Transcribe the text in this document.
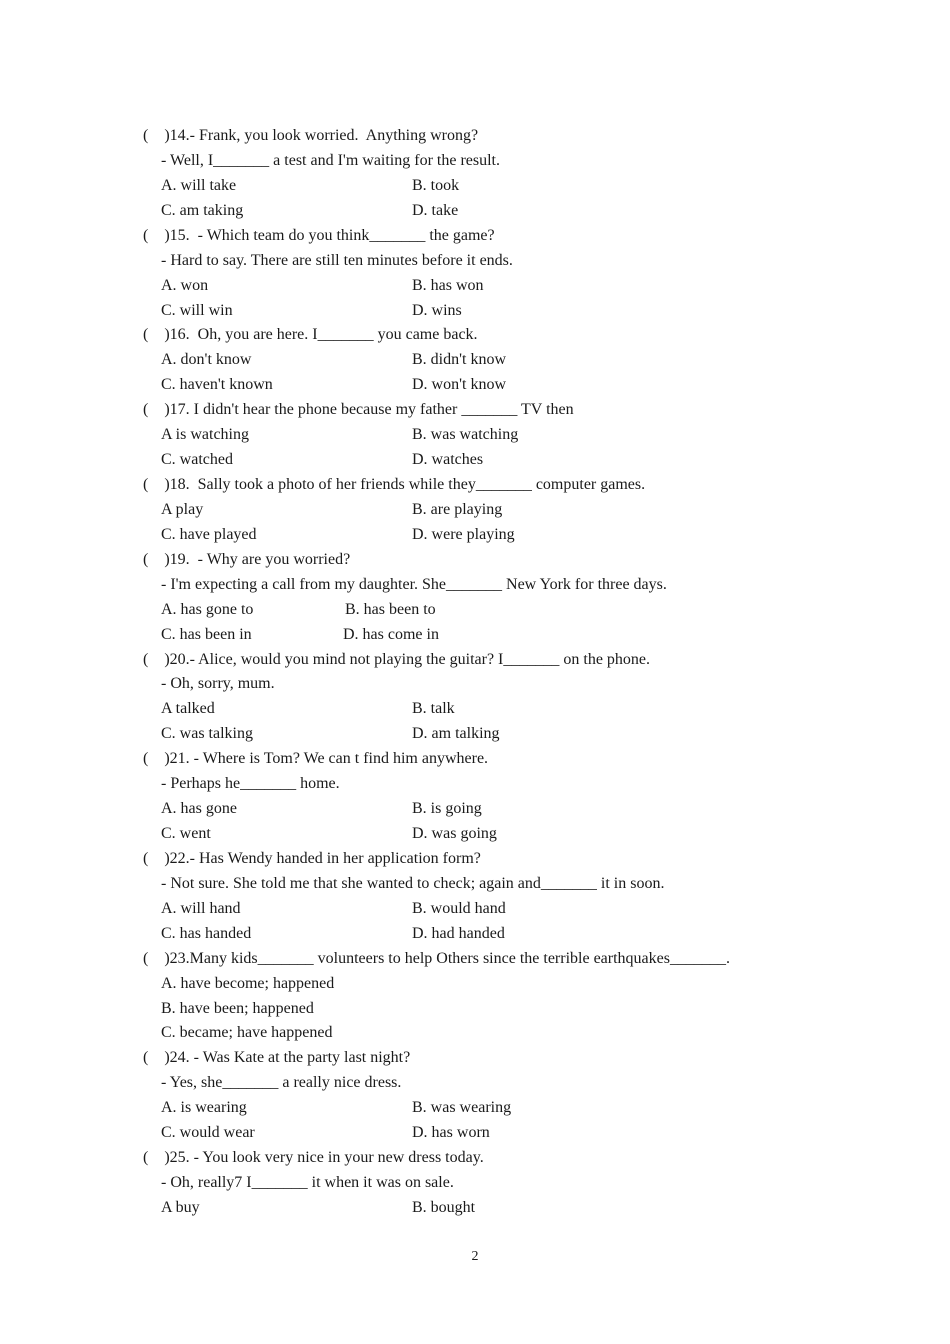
(    )14.- Frank, you look worried.  Anything wrong?
- Well, I_______ a test and I'm waiting for the result.
A. will take	B. took
C. am taking	D. take
(    )15.  - Which team do you think_______ the game?
- Hard to say. There are still ten minutes before it ends.
A. won	B. has won
C. will win	D. wins
(    )16.  Oh, you are here. I_______ you came back.
A. don't know	B. didn't know
C. haven't known	D. won't know
(    )17. I didn't hear the phone because my father _______ TV then
A is watching	B. was watching
C. watched	D. watches
(    )18.  Sally took a photo of her friends while they_______ computer games.
A play	B. are playing
C. have played	D. were playing
(    )19.  - Why are you worried?
- I'm expecting a call from my daughter. She_______ New York for three days.
A. has gone to	B. has been to
C. has been in	D. has come in
(    )20.- Alice, would you mind not playing the guitar? I_______ on the phone.
- Oh, sorry, mum.
A talked	B. talk
C. was talking	D. am talking
(    )21. - Where is Tom? We can t find him anywhere.
- Perhaps he_______ home.
A. has gone	B. is going
C. went	D. was going
(    )22.- Has Wendy handed in her application form?
- Not sure. She told me that she wanted to check; again and_______ it in soon.
A. will hand	B. would hand
C. has handed	D. had handed
(    )23.Many kids_______ volunteers to help Others since the terrible earthquakes_______.
A. have become; happened
B. have been; happened
C. became; have happened
(    )24. - Was Kate at the party last night?
- Yes, she_______ a really nice dress.
A. is wearing	B. was wearing
C. would wear	D. has worn
(    )25. - You look very nice in your new dress today.
- Oh, really7 I_______ it when it was on sale.
A buy	B. bought
2
